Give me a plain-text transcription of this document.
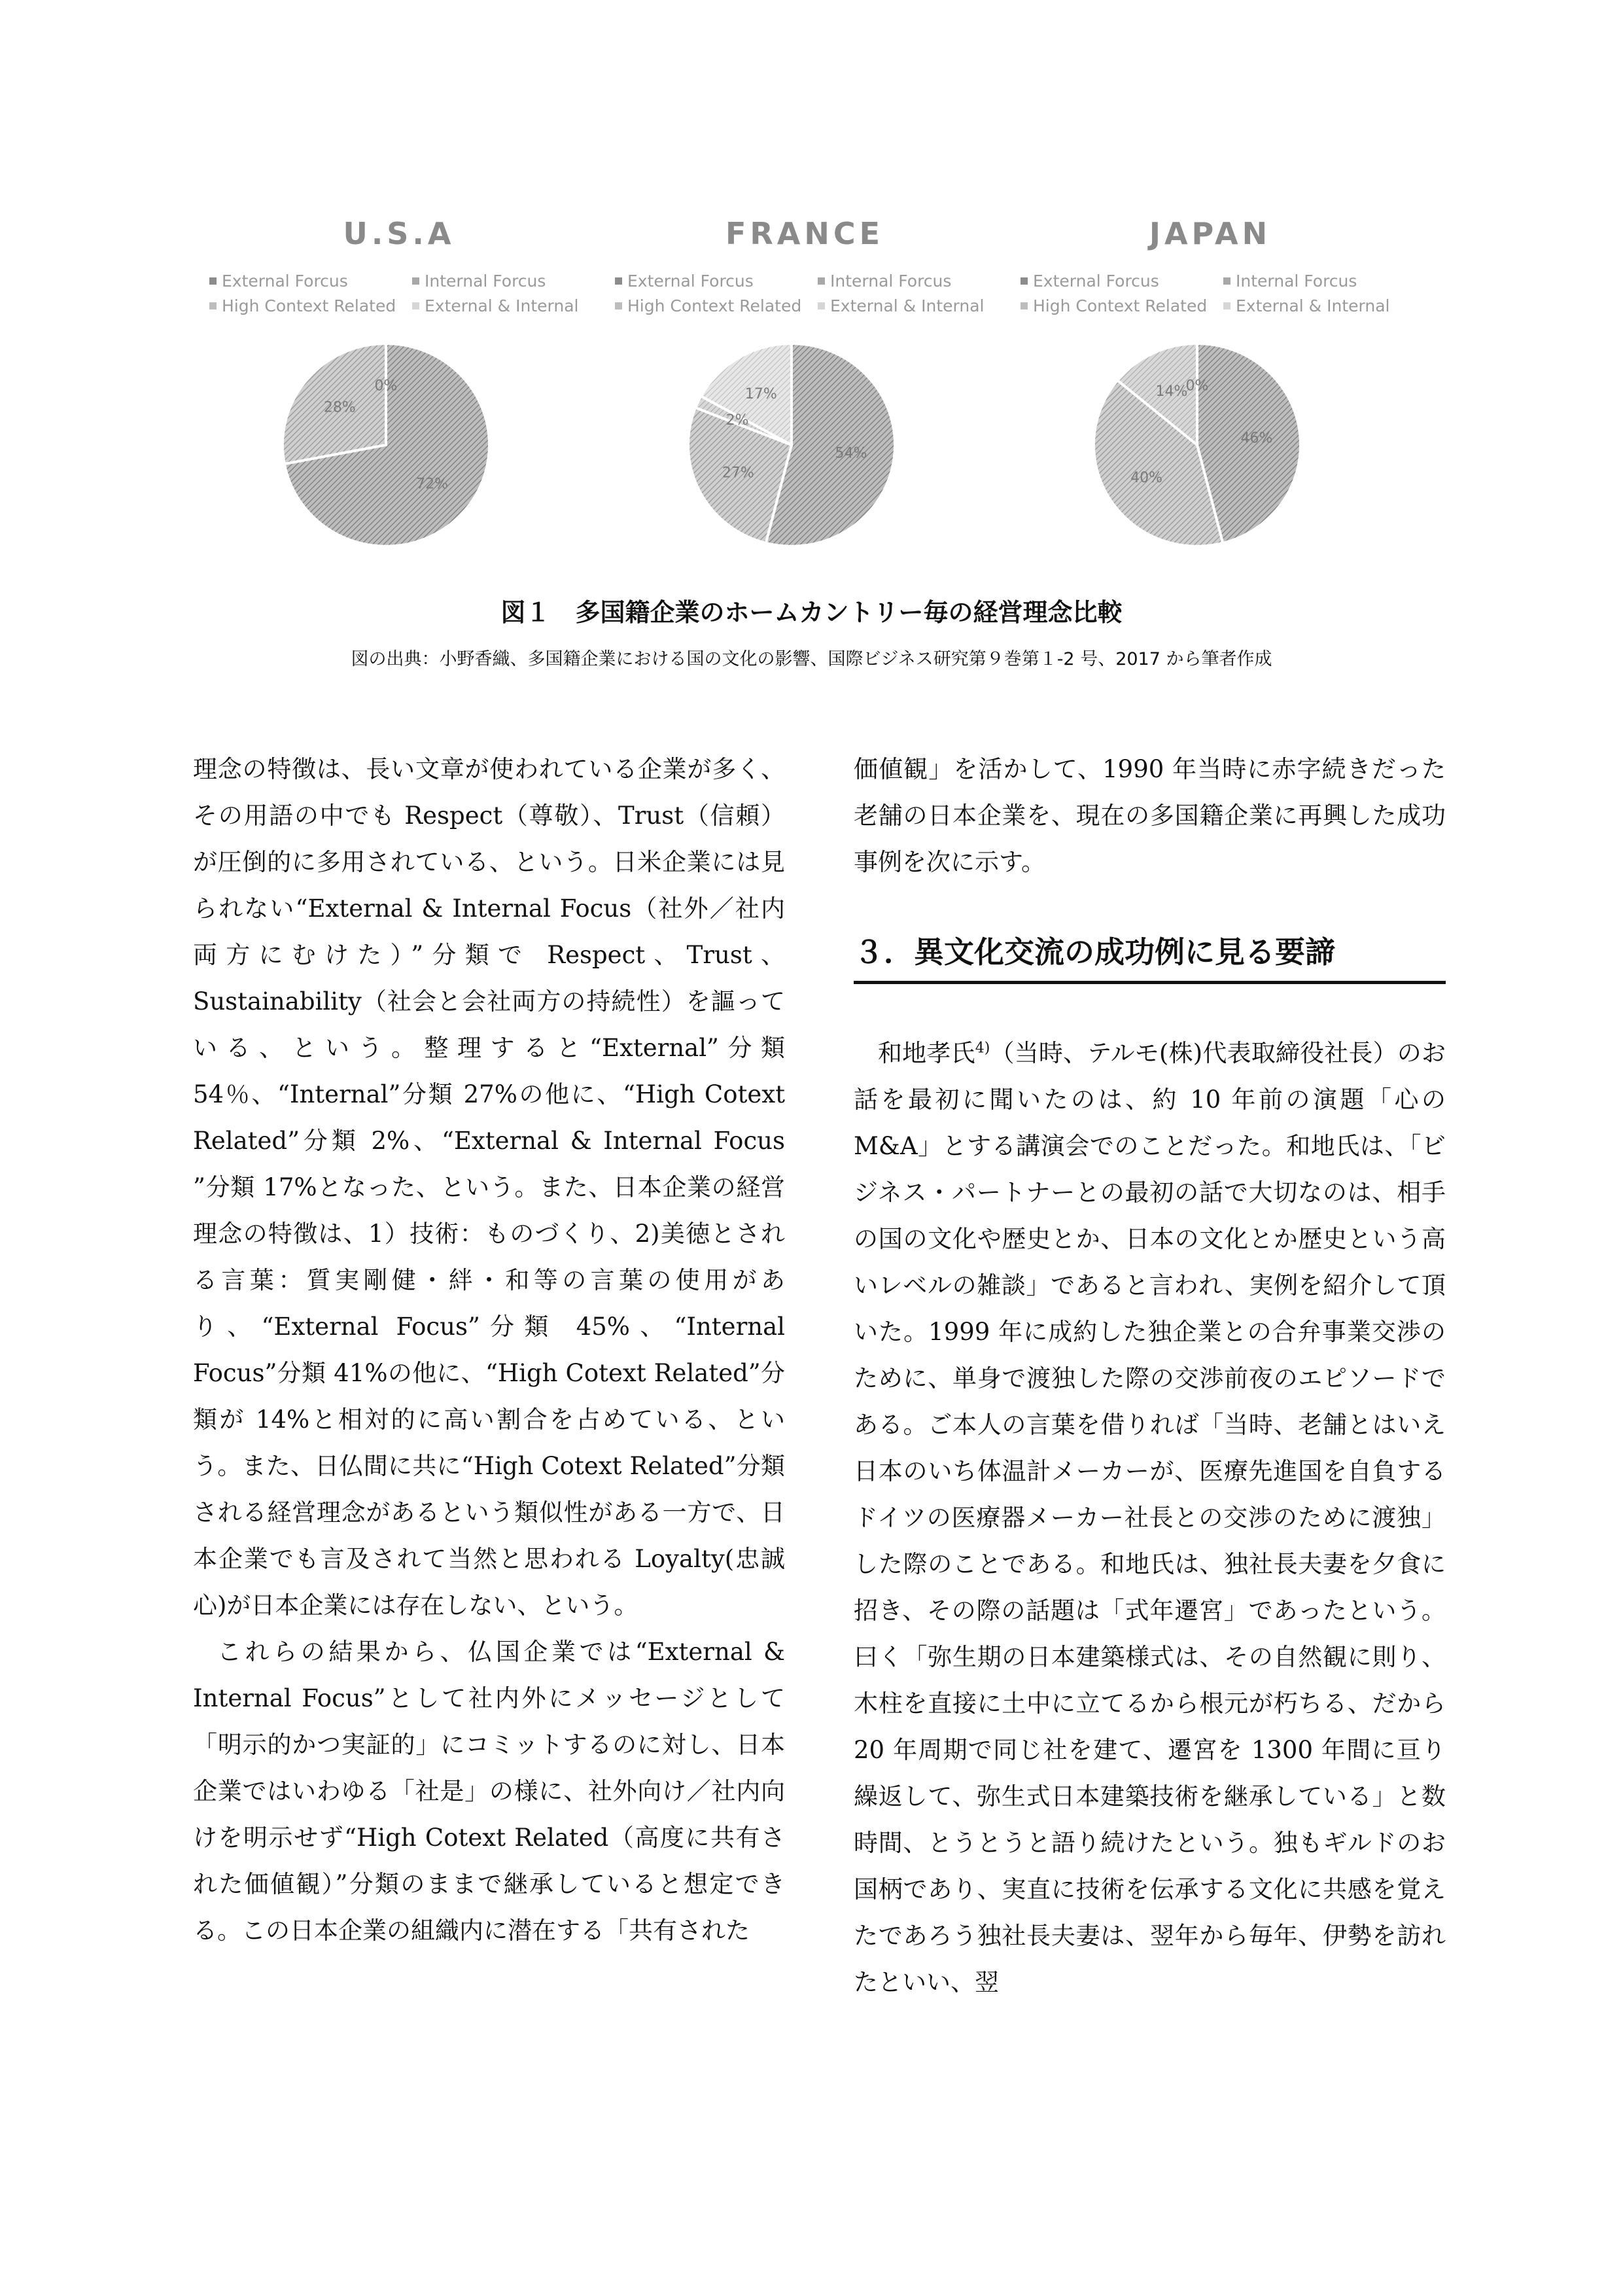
U.S.A
External Forcus	Internal Forcus
High Context Related	External & Internal
72%
28%
0%
FRANCE
External Forcus	Internal Forcus
High Context Related	External & Internal
54%
27%
2%
17%
JAPAN
External Forcus	Internal Forcus
High Context Related	External & Internal
46%
40%
14%
0%
図１　多国籍企業のホームカントリー毎の経営理念比較
図の出典：小野香織、多国籍企業における国の文化の影響、国際ビジネス研究第９巻第１-2 号、2017 から筆者作成

理念の特徴は、長い文章が使われている企業が多く、その用語の中でも Respect（尊敬）、Trust（信頼）が圧倒的に多用されている、という。日米企業には見られない“External & Internal Focus（社外／社内両方にむけた）”分類で Respect、Trust、Sustainability（社会と会社両方の持続性）を謳っている、という。整理すると“External”分類 54％、“Internal”分類 27%の他に、“High Cotext Related”分類 2%、“External & Internal Focus ”分類 17%となった、という。また、日本企業の経営理念の特徴は、1）技術：ものづくり、2)美徳とされる言葉：質実剛健・絆・和等の言葉の使用があり、“External Focus”分類 45%、“Internal Focus”分類 41%の他に、“High Cotext Related”分類が 14%と相対的に高い割合を占めている、という。また、日仏間に共に“High Cotext Related”分類される経営理念があるという類似性がある一方で、日本企業でも言及されて当然と思われる Loyalty(忠誠心)が日本企業には存在しない、という。

これらの結果から、仏国企業では“External & Internal Focus”として社内外にメッセージとして「明示的かつ実証的」にコミットするのに対し、日本企業ではいわゆる「社是」の様に、社外向け／社内向けを明示せず“High Cotext Related（高度に共有された価値観）”分類のままで継承していると想定できる。この日本企業の組織内に潜在する「共有された

価値観」を活かして、1990 年当時に赤字続きだった老舗の日本企業を、現在の多国籍企業に再興した成功事例を次に示す。

３．異文化交流の成功例に見る要諦

和地孝氏$^{4)}$（当時、テルモ(株)代表取締役社長）のお話を最初に聞いたのは、約 10 年前の演題「心の M&A」とする講演会でのことだった。和地氏は、「ビジネス・パートナーとの最初の話で大切なのは、相手の国の文化や歴史とか、日本の文化とか歴史という高いレベルの雑談」であると言われ、実例を紹介して頂いた。1999 年に成約した独企業との合弁事業交渉のために、単身で渡独した際の交渉前夜のエピソードである。ご本人の言葉を借りれば「当時、老舗とはいえ日本のいち体温計メーカーが、医療先進国を自負するドイツの医療器メーカー社長との交渉のために渡独」した際のことである。和地氏は、独社長夫妻を夕食に招き、その際の話題は「式年遷宮」であったという。曰く「弥生期の日本建築様式は、その自然観に則り、木柱を直接に土中に立てるから根元が朽ちる、だから 20 年周期で同じ社を建て、遷宮を 1300 年間に亘り繰返して、弥生式日本建築技術を継承している」と数時間、とうとうと語り続けたという。独もギルドのお国柄であり、実直に技術を伝承する文化に共感を覚えたであろう独社長夫妻は、翌年から毎年、伊勢を訪れたといい、翌
